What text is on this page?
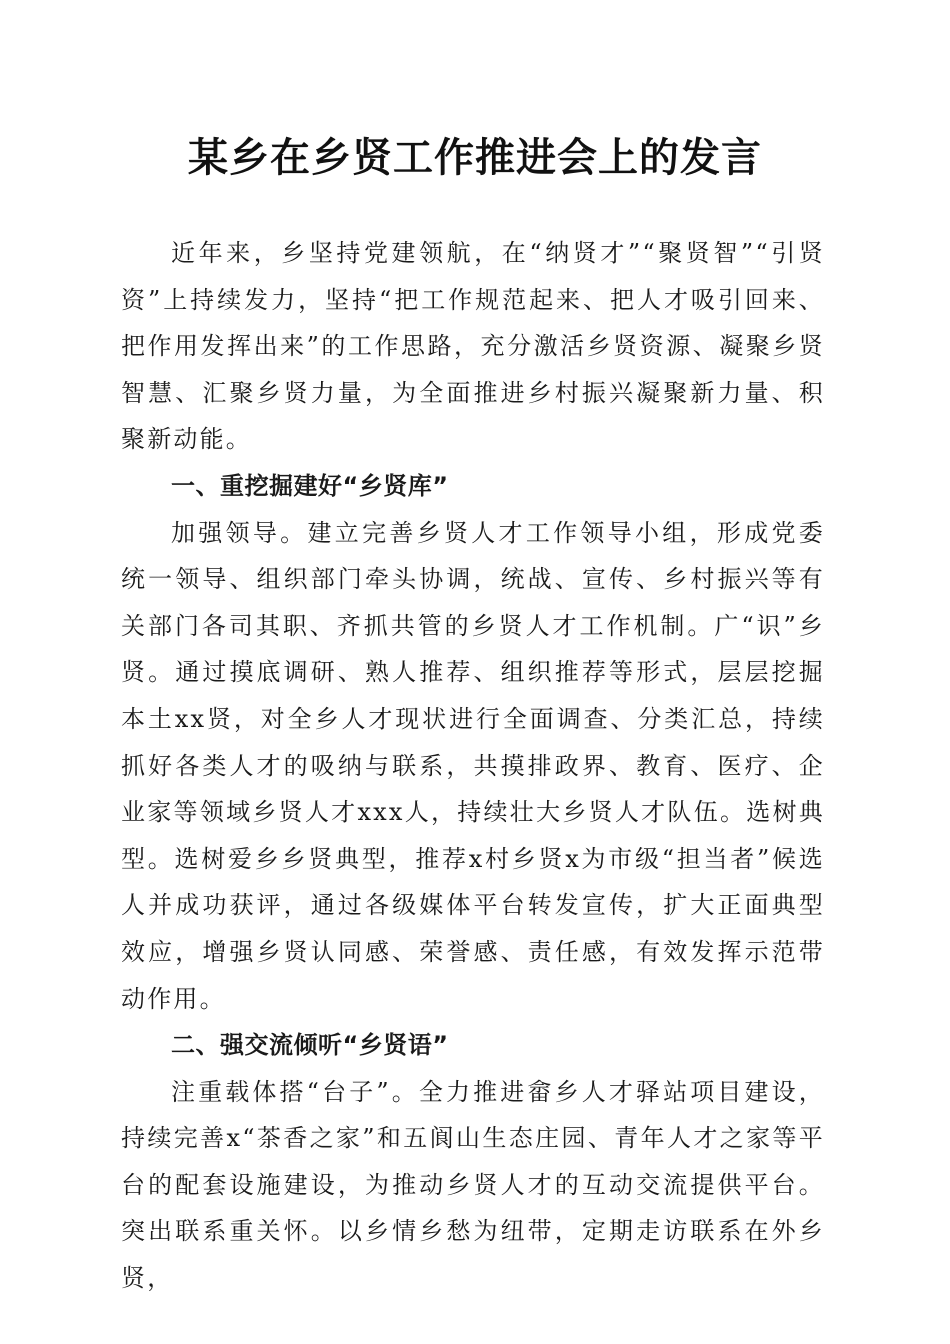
某乡在乡贤工作推进会上的发言

近年来，乡坚持党建领航，在“纳贤才”“聚贤智”“引贤资”上持续发力，坚持“把工作规范起来、把人才吸引回来、把作用发挥出来”的工作思路，充分激活乡贤资源、凝聚乡贤智慧、汇聚乡贤力量，为全面推进乡村振兴凝聚新力量、积聚新动能。

一、重挖掘建好“乡贤库”

加强领导。建立完善乡贤人才工作领导小组，形成党委统一领导、组织部门牵头协调，统战、宣传、乡村振兴等有关部门各司其职、齐抓共管的乡贤人才工作机制。广“识”乡贤。通过摸底调研、熟人推荐、组织推荐等形式，层层挖掘本土xx贤，对全乡人才现状进行全面调查、分类汇总，持续抓好各类人才的吸纳与联系，共摸排政界、教育、医疗、企业家等领域乡贤人才xxx人，持续壮大乡贤人才队伍。选树典型。选树爱乡乡贤典型，推荐x村乡贤x为市级“担当者”候选人并成功获评，通过各级媒体平台转发宣传，扩大正面典型效应，增强乡贤认同感、荣誉感、责任感，有效发挥示范带动作用。

二、强交流倾听“乡贤语”

注重载体搭“台子”。全力推进畲乡人才驿站项目建设，持续完善x“茶香之家”和五阆山生态庄园、青年人才之家等平台的配套设施建设，为推动乡贤人才的互动交流提供平台。突出联系重关怀。以乡情乡愁为纽带，定期走访联系在外乡贤，
